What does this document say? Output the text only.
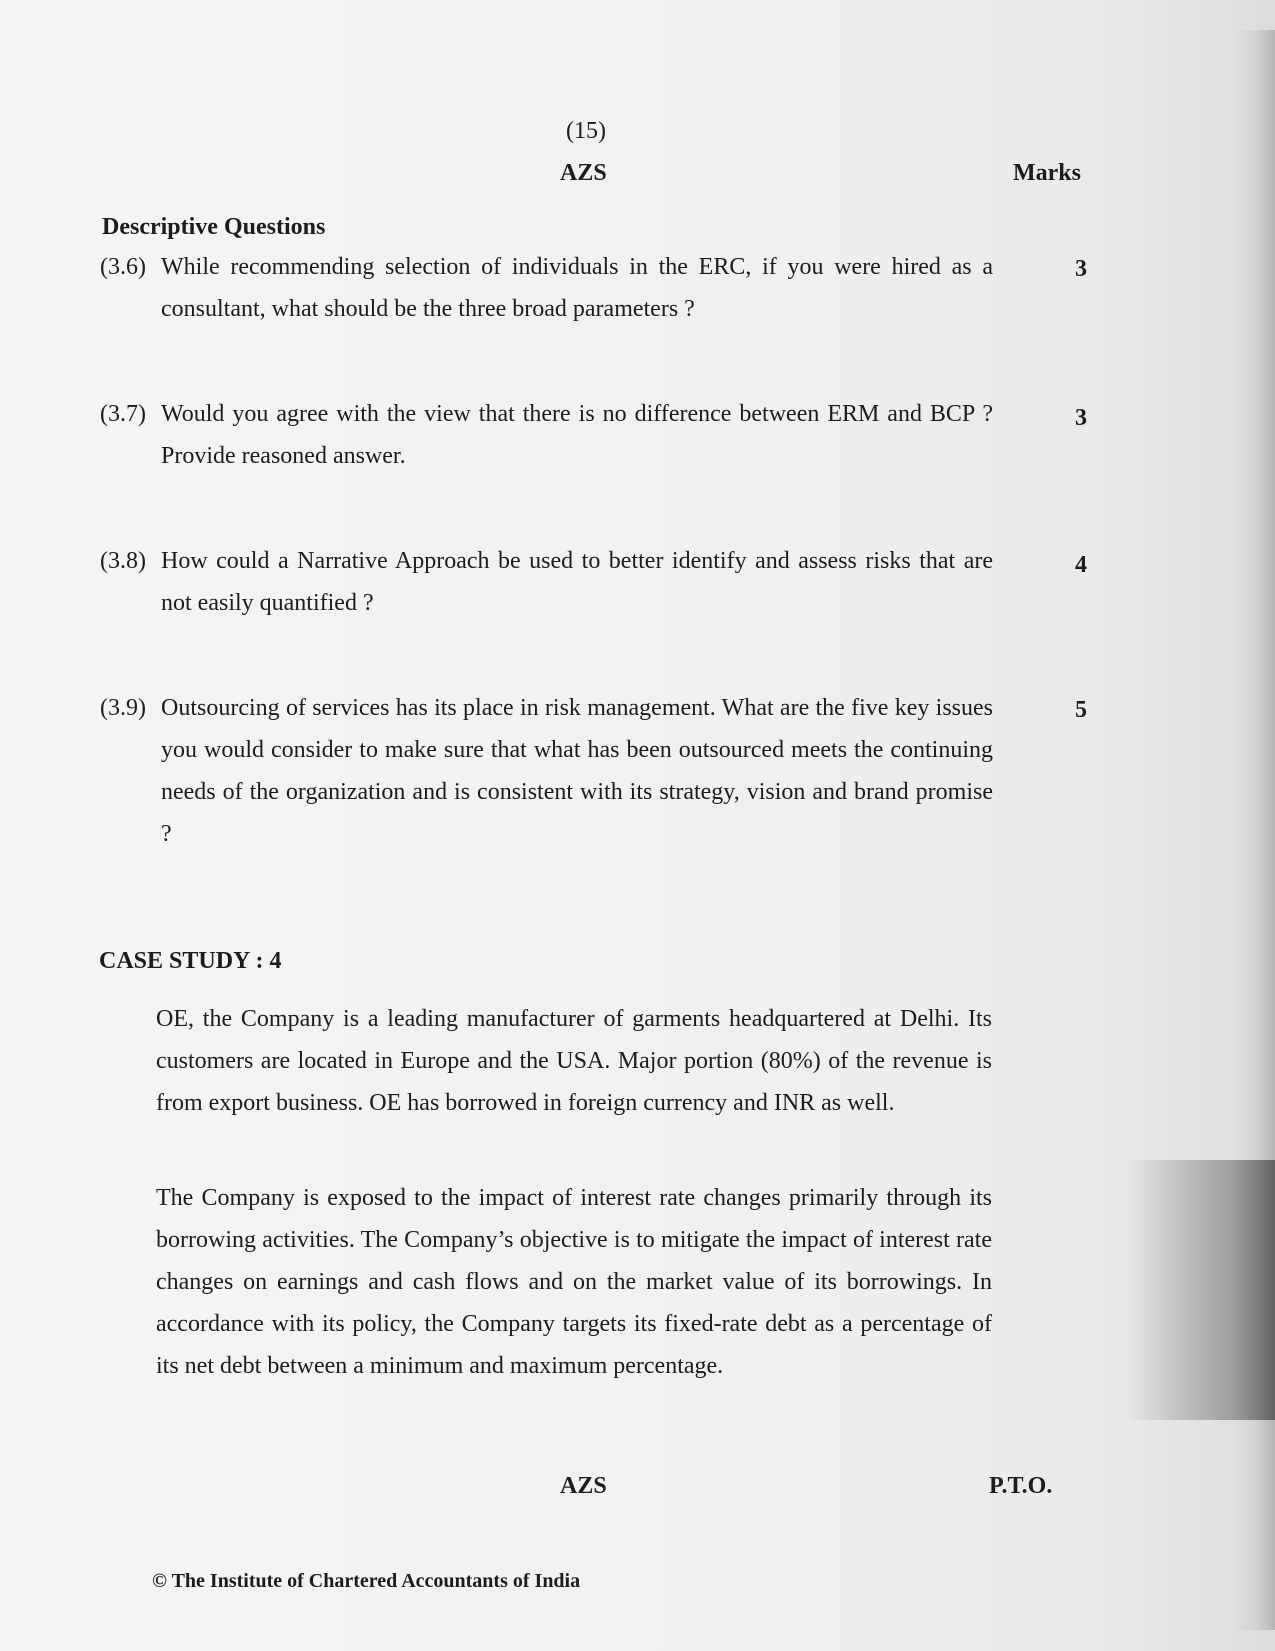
(15)
AZS	Marks
Descriptive Questions
(3.6) While recommending selection of individuals in the ERC, if you were hired as a consultant, what should be the three broad parameters ?
3
(3.7) Would you agree with the view that there is no difference between ERM and BCP ? Provide reasoned answer.
3
(3.8) How could a Narrative Approach be used to better identify and assess risks that are not easily quantified ?
4
(3.9) Outsourcing of services has its place in risk management. What are the five key issues you would consider to make sure that what has been outsourced meets the continuing needs of the organization and is consistent with its strategy, vision and brand promise ?
5
CASE STUDY : 4
OE, the Company is a leading manufacturer of garments headquartered at Delhi. Its customers are located in Europe and the USA. Major portion (80%) of the revenue is from export business. OE has borrowed in foreign currency and INR as well.
The Company is exposed to the impact of interest rate changes primarily through its borrowing activities. The Company’s objective is to mitigate the impact of interest rate changes on earnings and cash flows and on the market value of its borrowings. In accordance with its policy, the Company targets its fixed-rate debt as a percentage of its net debt between a minimum and maximum percentage.
AZS	P.T.O.
© The Institute of Chartered Accountants of India
